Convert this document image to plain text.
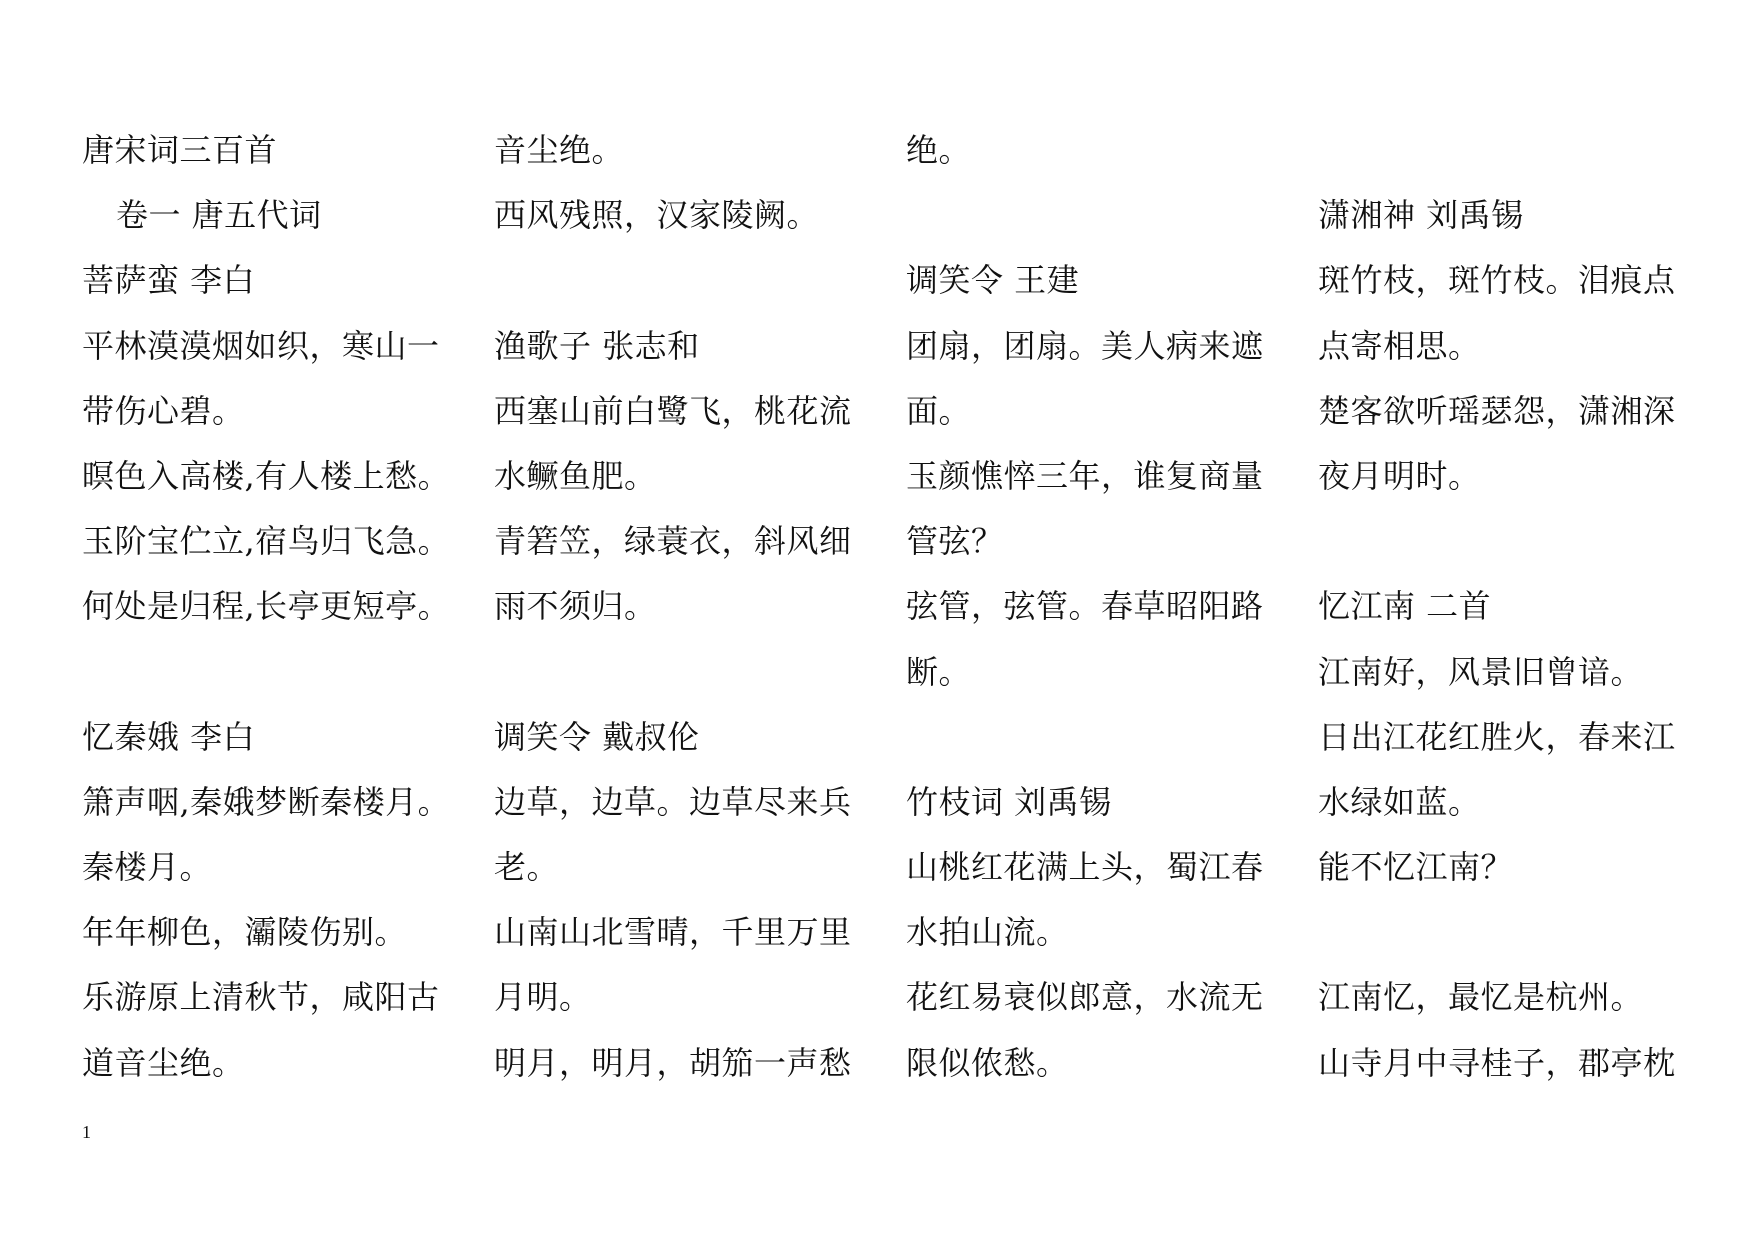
唐宋词三百首
卷一 唐五代词
菩萨蛮 李白
平林漠漠烟如织，寒山一
带伤心碧。
暝色入高楼,有人楼上愁。
玉阶宝伫立,宿鸟归飞急。
何处是归程,长亭更短亭。
忆秦娥 李白
箫声咽,秦娥梦断秦楼月。
秦楼月。
年年柳色，灞陵伤别。
乐游原上清秋节，咸阳古
道音尘绝。
音尘绝。
西风残照，汉家陵阙。
渔歌子 张志和
西塞山前白鹭飞，桃花流
水鳜鱼肥。
青箬笠，绿蓑衣，斜风细
雨不须归。
调笑令 戴叔伦
边草，边草。边草尽来兵
老。
山南山北雪晴，千里万里
月明。
明月，明月，胡笳一声愁
绝。
调笑令 王建
团扇，团扇。美人病来遮
面。
玉颜憔悴三年，谁复商量
管弦？
弦管，弦管。春草昭阳路
断。
竹枝词 刘禹锡
山桃红花满上头，蜀江春
水拍山流。
花红易衰似郎意，水流无
限似侬愁。
潇湘神 刘禹锡
斑竹枝，斑竹枝。泪痕点
点寄相思。
楚客欲听瑶瑟怨，潇湘深
夜月明时。
忆江南 二首
江南好，风景旧曾谙。
日出江花红胜火，春来江
水绿如蓝。
能不忆江南？
江南忆，最忆是杭州。
山寺月中寻桂子，郡亭枕
1
